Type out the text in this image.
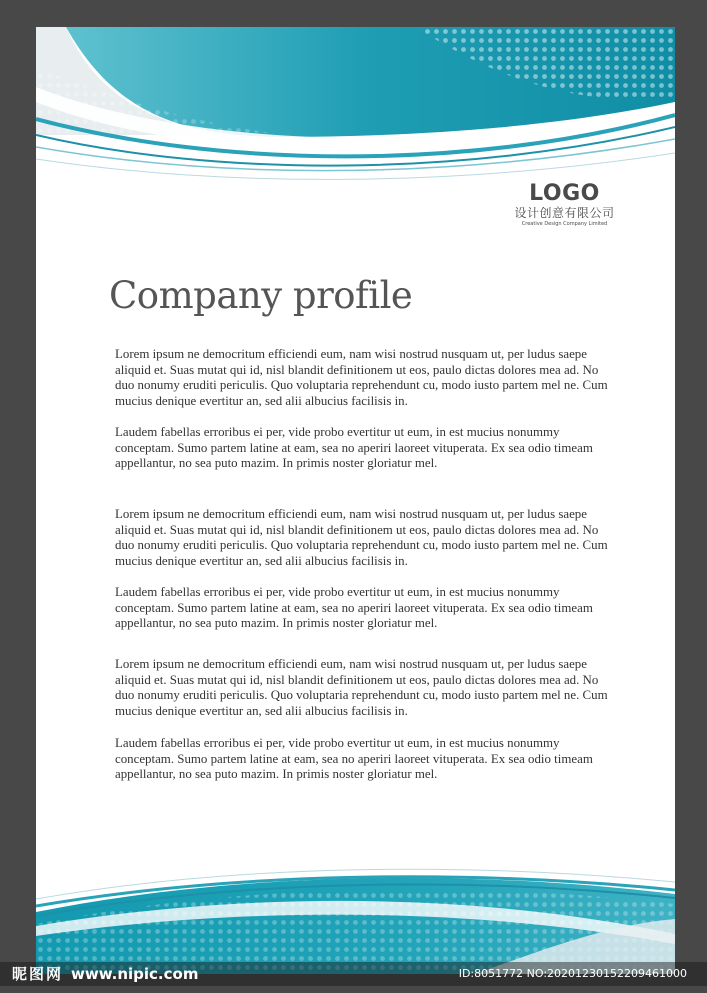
LOGO
设计创意有限公司
Creative Design Company Limited
Company profile

Lorem ipsum ne democritum efficiendi eum, nam wisi nostrud nusquam ut, per ludus saepe aliquid et. Suas mutat qui id, nisl blandit definitionem ut eos, paulo dictas dolores mea ad. No duo nonumy eruditi periculis. Quo voluptaria reprehendunt cu, modo iusto partem mel ne. Cum mucius denique evertitur an, sed alii albucius facilisis in.

Laudem fabellas erroribus ei per, vide probo evertitur ut eum, in est mucius nonummy conceptam. Sumo partem latine at eam, sea no aperiri laoreet vituperata. Ex sea odio timeam appellantur, no sea puto mazim. In primis noster gloriatur mel.

Lorem ipsum ne democritum efficiendi eum, nam wisi nostrud nusquam ut, per ludus saepe aliquid et. Suas mutat qui id, nisl blandit definitionem ut eos, paulo dictas dolores mea ad. No duo nonumy eruditi periculis. Quo voluptaria reprehendunt cu, modo iusto partem mel ne. Cum mucius denique evertitur an, sed alii albucius facilisis in.

Laudem fabellas erroribus ei per, vide probo evertitur ut eum, in est mucius nonummy conceptam. Sumo partem latine at eam, sea no aperiri laoreet vituperata. Ex sea odio timeam appellantur, no sea puto mazim. In primis noster gloriatur mel.

Lorem ipsum ne democritum efficiendi eum, nam wisi nostrud nusquam ut, per ludus saepe aliquid et. Suas mutat qui id, nisl blandit definitionem ut eos, paulo dictas dolores mea ad. No duo nonumy eruditi periculis. Quo voluptaria reprehendunt cu, modo iusto partem mel ne. Cum mucius denique evertitur an, sed alii albucius facilisis in.

Laudem fabellas erroribus ei per, vide probo evertitur ut eum, in est mucius nonummy conceptam. Sumo partem latine at eam, sea no aperiri laoreet vituperata. Ex sea odio timeam appellantur, no sea puto mazim. In primis noster gloriatur mel.

昵图网 www.nipic.com	ID:8051772 NO:20201230152209461000
